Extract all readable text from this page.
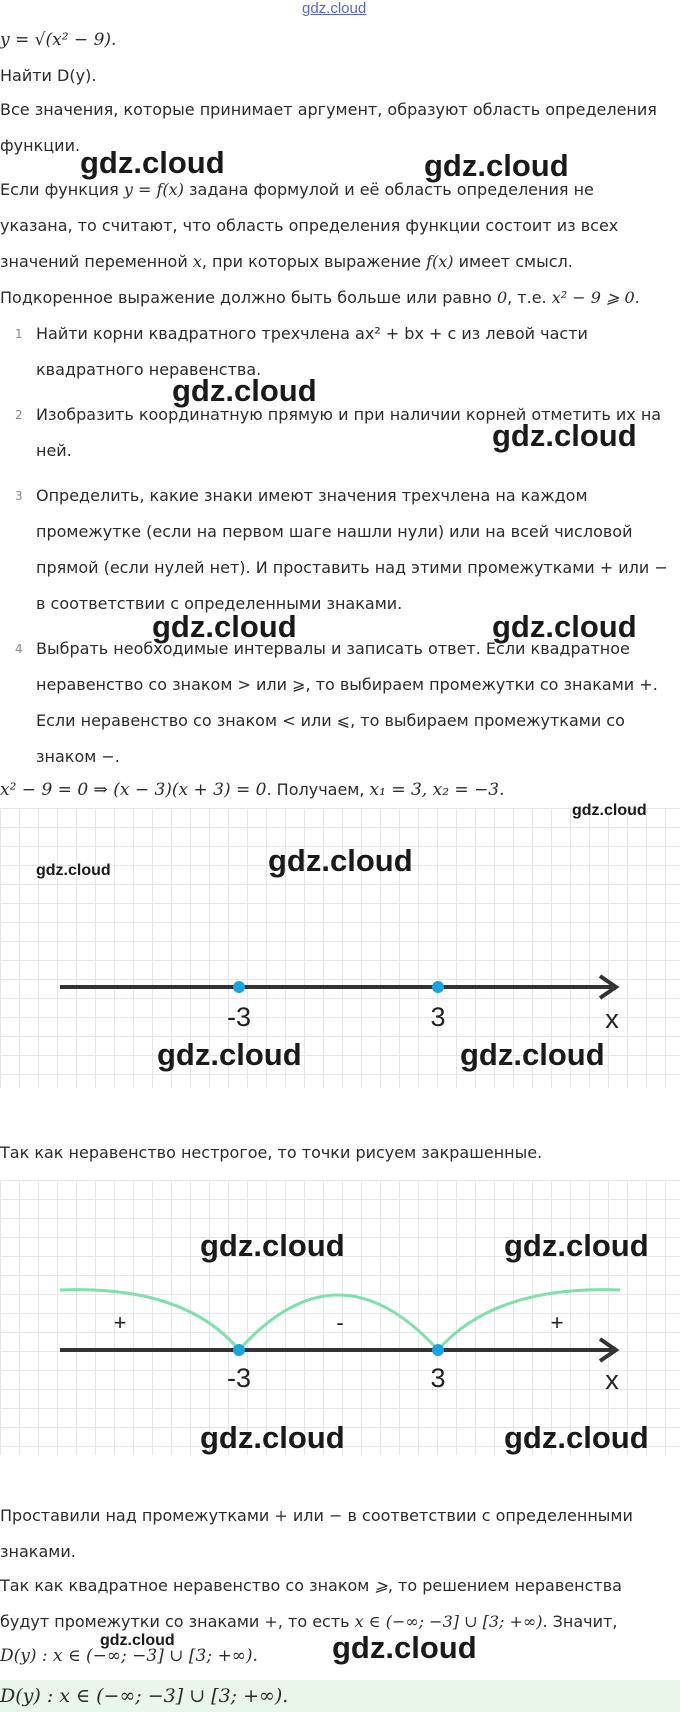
gdz.cloud
y = √(x² − 9).
Найти D(y).
Все значения, которые принимает аргумент, образуют область определения
функции.
Если функция y = f(x) задана формулой и её область определения не
указана, то считают, что область определения функции состоит из всех
значений переменной x, при которых выражение f(x) имеет смысл.
Подкоренное выражение должно быть больше или равно 0, т.е. x² − 9 ⩾ 0.
1 Найти корни квадратного трехчлена ax² + bx + c из левой части
квадратного неравенства.
2 Изобразить координатную прямую и при наличии корней отметить их на
ней.
3 Определить, какие знаки имеют значения трехчлена на каждом
промежутке (если на первом шаге нашли нули) или на всей числовой
прямой (если нулей нет). И проставить над этими промежутками + или −
в соответствии с определенными знаками.
4 Выбрать необходимые интервалы и записать ответ. Если квадратное
неравенство со знаком > или ⩾, то выбираем промежутки со знаками +.
Если неравенство со знаком < или ⩽, то выбираем промежутками со
знаком −.
x² − 9 = 0 ⇒ (x − 3)(x + 3) = 0. Получаем, x₁ = 3, x₂ = −3.
-3	3	x
Так как неравенство нестрогое, то точки рисуем закрашенные.
+	-	+
-3	3	x
Проставили над промежутками + или − в соответствии с определенными
знаками.
Так как квадратное неравенство со знаком ⩾, то решением неравенства
будут промежутки со знаками +, то есть x ∈ (−∞; −3] ∪ [3; +∞). Значит,
D(y) : x ∈ (−∞; −3] ∪ [3; +∞).
D(y) : x ∈ (−∞; −3] ∪ [3; +∞).
gdz.cloud	gdz.cloud
gdz.cloud
gdz.cloud
gdz.cloud	gdz.cloud
gdz.cloud
gdz.cloud	gdz.cloud
gdz.cloud	gdz.cloud
gdz.cloud	gdz.cloud
gdz.cloud	gdz.cloud
gdz.cloud	gdz.cloud
